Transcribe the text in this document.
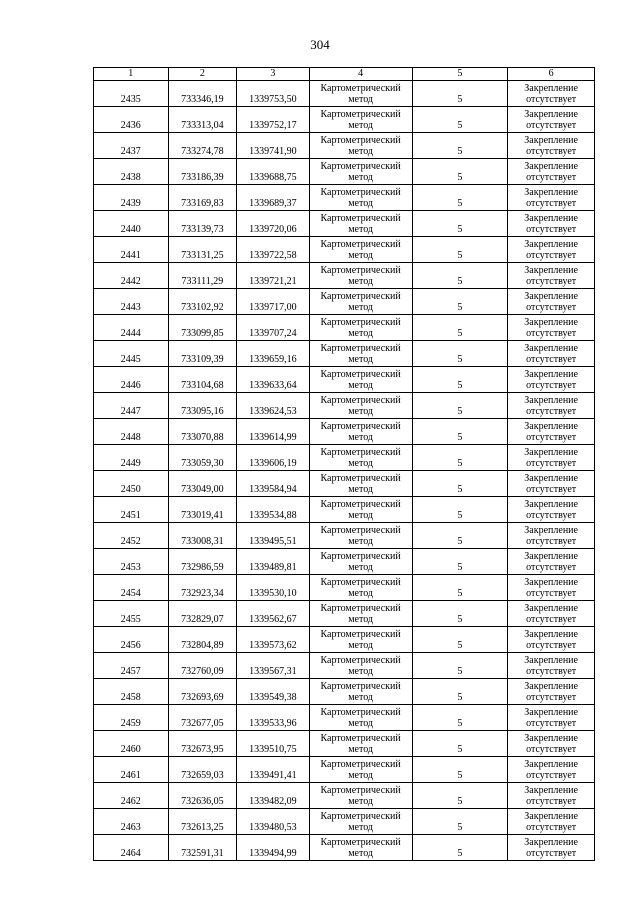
304
1	2	3	4	5	6
2435	733346,19	1339753,50	Картометрический метод	5	Закрепление отсутствует
2436	733313,04	1339752,17	Картометрический метод	5	Закрепление отсутствует
2437	733274,78	1339741,90	Картометрический метод	5	Закрепление отсутствует
2438	733186,39	1339688,75	Картометрический метод	5	Закрепление отсутствует
2439	733169,83	1339689,37	Картометрический метод	5	Закрепление отсутствует
2440	733139,73	1339720,06	Картометрический метод	5	Закрепление отсутствует
2441	733131,25	1339722,58	Картометрический метод	5	Закрепление отсутствует
2442	733111,29	1339721,21	Картометрический метод	5	Закрепление отсутствует
2443	733102,92	1339717,00	Картометрический метод	5	Закрепление отсутствует
2444	733099,85	1339707,24	Картометрический метод	5	Закрепление отсутствует
2445	733109,39	1339659,16	Картометрический метод	5	Закрепление отсутствует
2446	733104,68	1339633,64	Картометрический метод	5	Закрепление отсутствует
2447	733095,16	1339624,53	Картометрический метод	5	Закрепление отсутствует
2448	733070,88	1339614,99	Картометрический метод	5	Закрепление отсутствует
2449	733059,30	1339606,19	Картометрический метод	5	Закрепление отсутствует
2450	733049,00	1339584,94	Картометрический метод	5	Закрепление отсутствует
2451	733019,41	1339534,88	Картометрический метод	5	Закрепление отсутствует
2452	733008,31	1339495,51	Картометрический метод	5	Закрепление отсутствует
2453	732986,59	1339489,81	Картометрический метод	5	Закрепление отсутствует
2454	732923,34	1339530,10	Картометрический метод	5	Закрепление отсутствует
2455	732829,07	1339562,67	Картометрический метод	5	Закрепление отсутствует
2456	732804,89	1339573,62	Картометрический метод	5	Закрепление отсутствует
2457	732760,09	1339567,31	Картометрический метод	5	Закрепление отсутствует
2458	732693,69	1339549,38	Картометрический метод	5	Закрепление отсутствует
2459	732677,05	1339533,96	Картометрический метод	5	Закрепление отсутствует
2460	732673,95	1339510,75	Картометрический метод	5	Закрепление отсутствует
2461	732659,03	1339491,41	Картометрический метод	5	Закрепление отсутствует
2462	732636,05	1339482,09	Картометрический метод	5	Закрепление отсутствует
2463	732613,25	1339480,53	Картометрический метод	5	Закрепление отсутствует
2464	732591,31	1339494,99	Картометрический метод	5	Закрепление отсутствует
